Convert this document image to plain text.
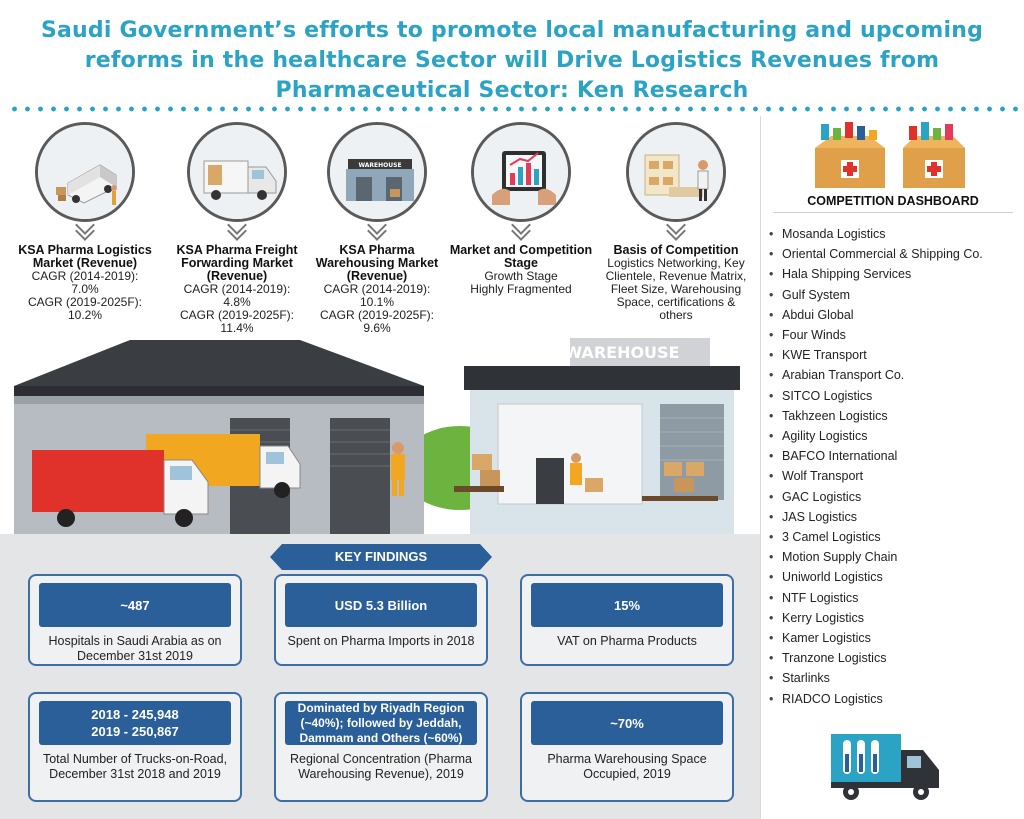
Saudi Government’s efforts to promote local manufacturing and upcoming reforms in the healthcare Sector will Drive Logistics Revenues from Pharmaceutical Sector: Ken Research
KSA Pharma Logistics Market (Revenue)
CAGR (2014-2019):
7.0%
CAGR (2019-2025F):
10.2%
KSA Pharma Freight Forwarding Market (Revenue)
CAGR (2014-2019):
4.8%
CAGR (2019-2025F):
11.4%
WAREHOUSE
KSA Pharma Warehousing Market (Revenue)
CAGR (2014-2019):
10.1%
CAGR (2019-2025F):
9.6%
Market and Competition Stage
Growth Stage
Highly Fragmented
Basis of Competition
Logistics Networking, Key Clientele, Revenue Matrix, Fleet Size, Warehousing Space, certifications & others
WAREHOUSE
KEY FINDINGS
~487
Hospitals in Saudi Arabia as on December 31st 2019
USD 5.3 Billion
Spent on Pharma Imports in 2018
15%
VAT on Pharma Products
2018 - 245,948
2019 - 250,867
Total Number of Trucks-on-Road, December 31st 2018 and 2019
Dominated by Riyadh Region (~40%); followed by Jeddah, Dammam and Others (~60%)
Regional Concentration (Pharma Warehousing Revenue), 2019
~70%
Pharma Warehousing Space Occupied, 2019
COMPETITION DASHBOARD
• Mosanda Logistics
• Oriental Commercial & Shipping Co.
• Hala Shipping Services
• Gulf System
• Abdui Global
• Four Winds
• KWE Transport
• Arabian Transport Co.
• SITCO Logistics
• Takhzeen Logistics
• Agility Logistics
• BAFCO International
• Wolf Transport
• GAC Logistics
• JAS Logistics
• 3 Camel Logistics
• Motion Supply Chain
• Uniworld Logistics
• NTF Logistics
• Kerry Logistics
• Kamer Logistics
• Tranzone Logistics
• Starlinks
• RIADCO Logistics
